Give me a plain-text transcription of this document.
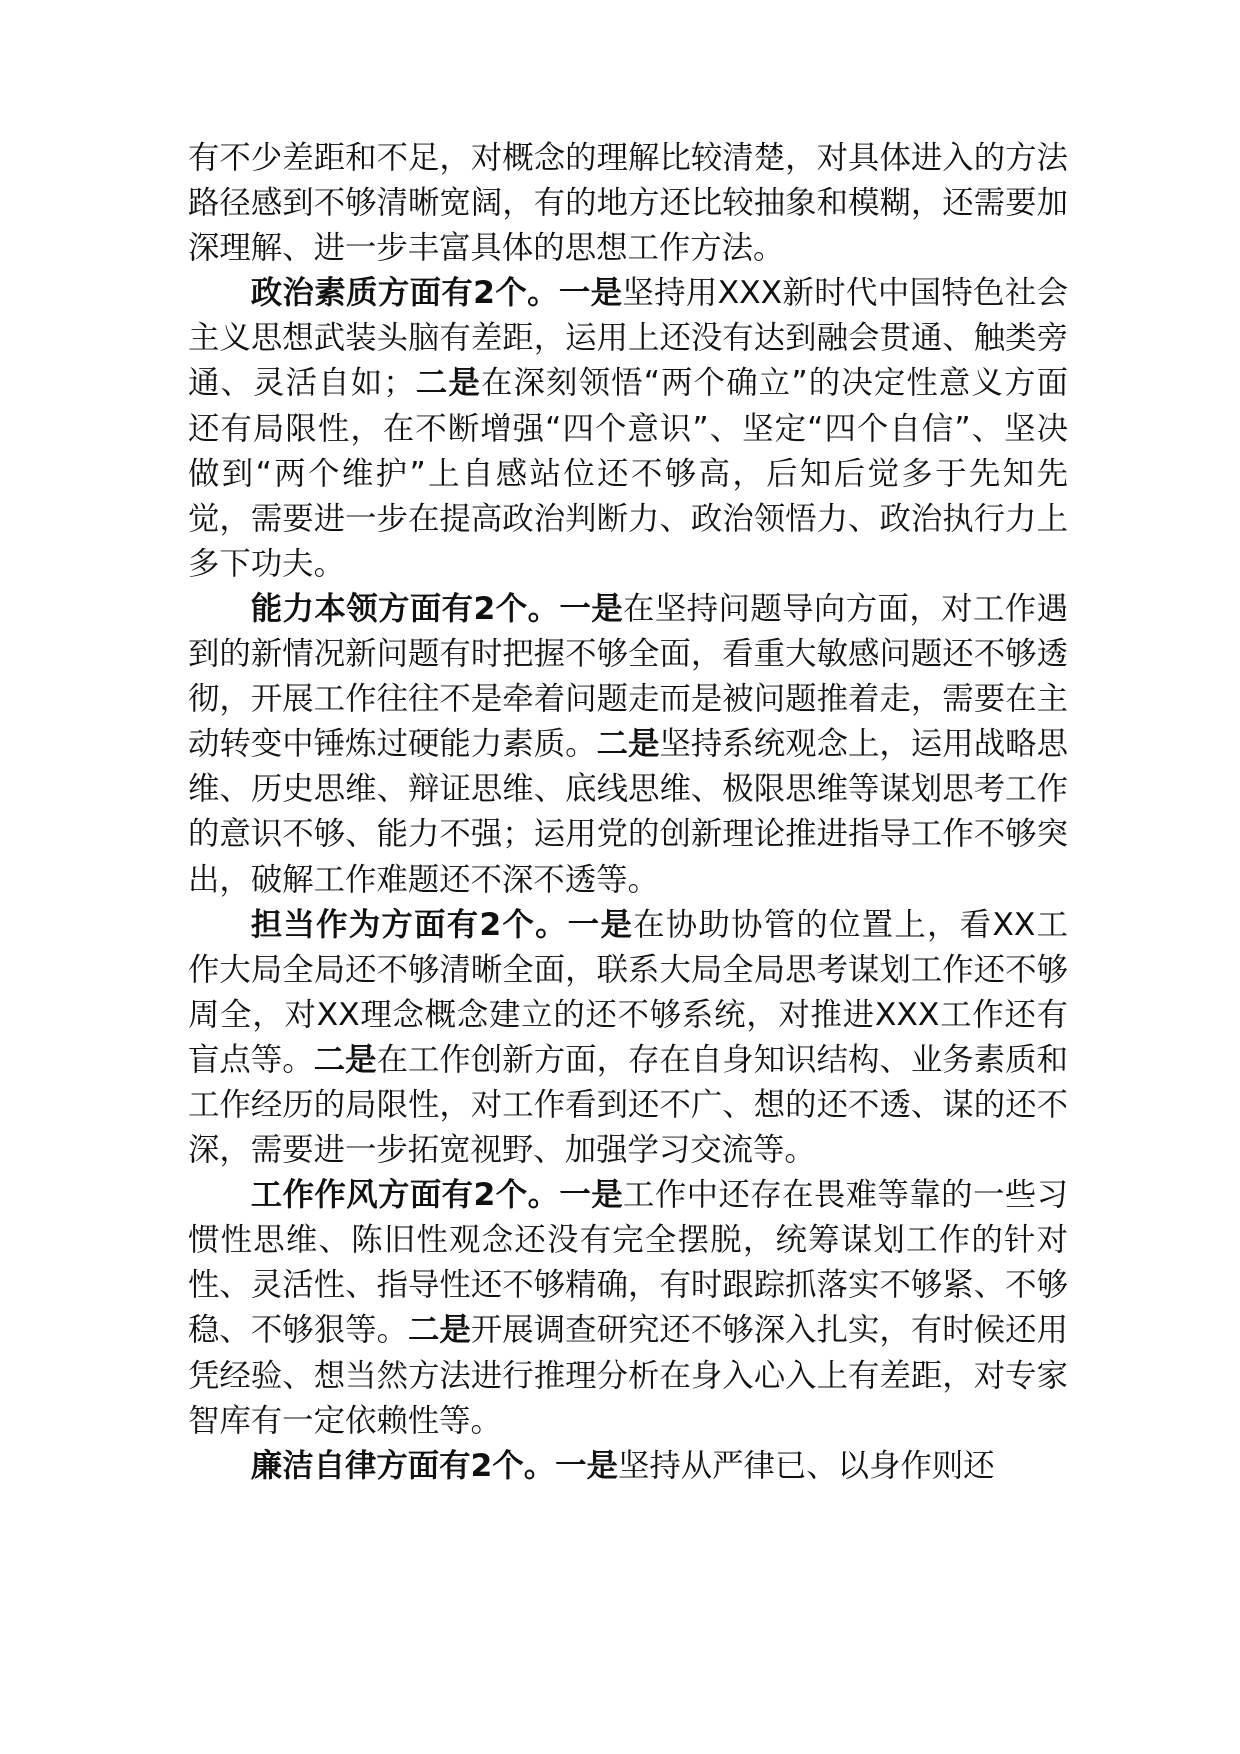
有不少差距和不足，对概念的理解比较清楚，对具体进入的方法路径感到不够清晰宽阔，有的地方还比较抽象和模糊，还需要加深理解、进一步丰富具体的思想工作方法。

政治素质方面有2个。一是坚持用XXX新时代中国特色社会主义思想武装头脑有差距，运用上还没有达到融会贯通、触类旁通、灵活自如；二是在深刻领悟“两个确立”的决定性意义方面还有局限性，在不断增强“四个意识”、坚定“四个自信”、坚决做到“两个维护”上自感站位还不够高，后知后觉多于先知先觉，需要进一步在提高政治判断力、政治领悟力、政治执行力上多下功夫。

能力本领方面有2个。一是在坚持问题导向方面，对工作遇到的新情况新问题有时把握不够全面，看重大敏感问题还不够透彻，开展工作往往不是牵着问题走而是被问题推着走，需要在主动转变中锤炼过硬能力素质。二是坚持系统观念上，运用战略思维、历史思维、辩证思维、底线思维、极限思维等谋划思考工作的意识不够、能力不强；运用党的创新理论推进指导工作不够突出，破解工作难题还不深不透等。

担当作为方面有2个。一是在协助协管的位置上，看XX工作大局全局还不够清晰全面，联系大局全局思考谋划工作还不够周全，对XX理念概念建立的还不够系统，对推进XXX工作还有盲点等。二是在工作创新方面，存在自身知识结构、业务素质和工作经历的局限性，对工作看到还不广、想的还不透、谋的还不深，需要进一步拓宽视野、加强学习交流等。

工作作风方面有2个。一是工作中还存在畏难等靠的一些习惯性思维、陈旧性观念还没有完全摆脱，统筹谋划工作的针对性、灵活性、指导性还不够精确，有时跟踪抓落实不够紧、不够稳、不够狠等。二是开展调查研究还不够深入扎实，有时候还用凭经验、想当然方法进行推理分析在身入心入上有差距，对专家智库有一定依赖性等。

廉洁自律方面有2个。一是坚持从严律已、以身作则还
